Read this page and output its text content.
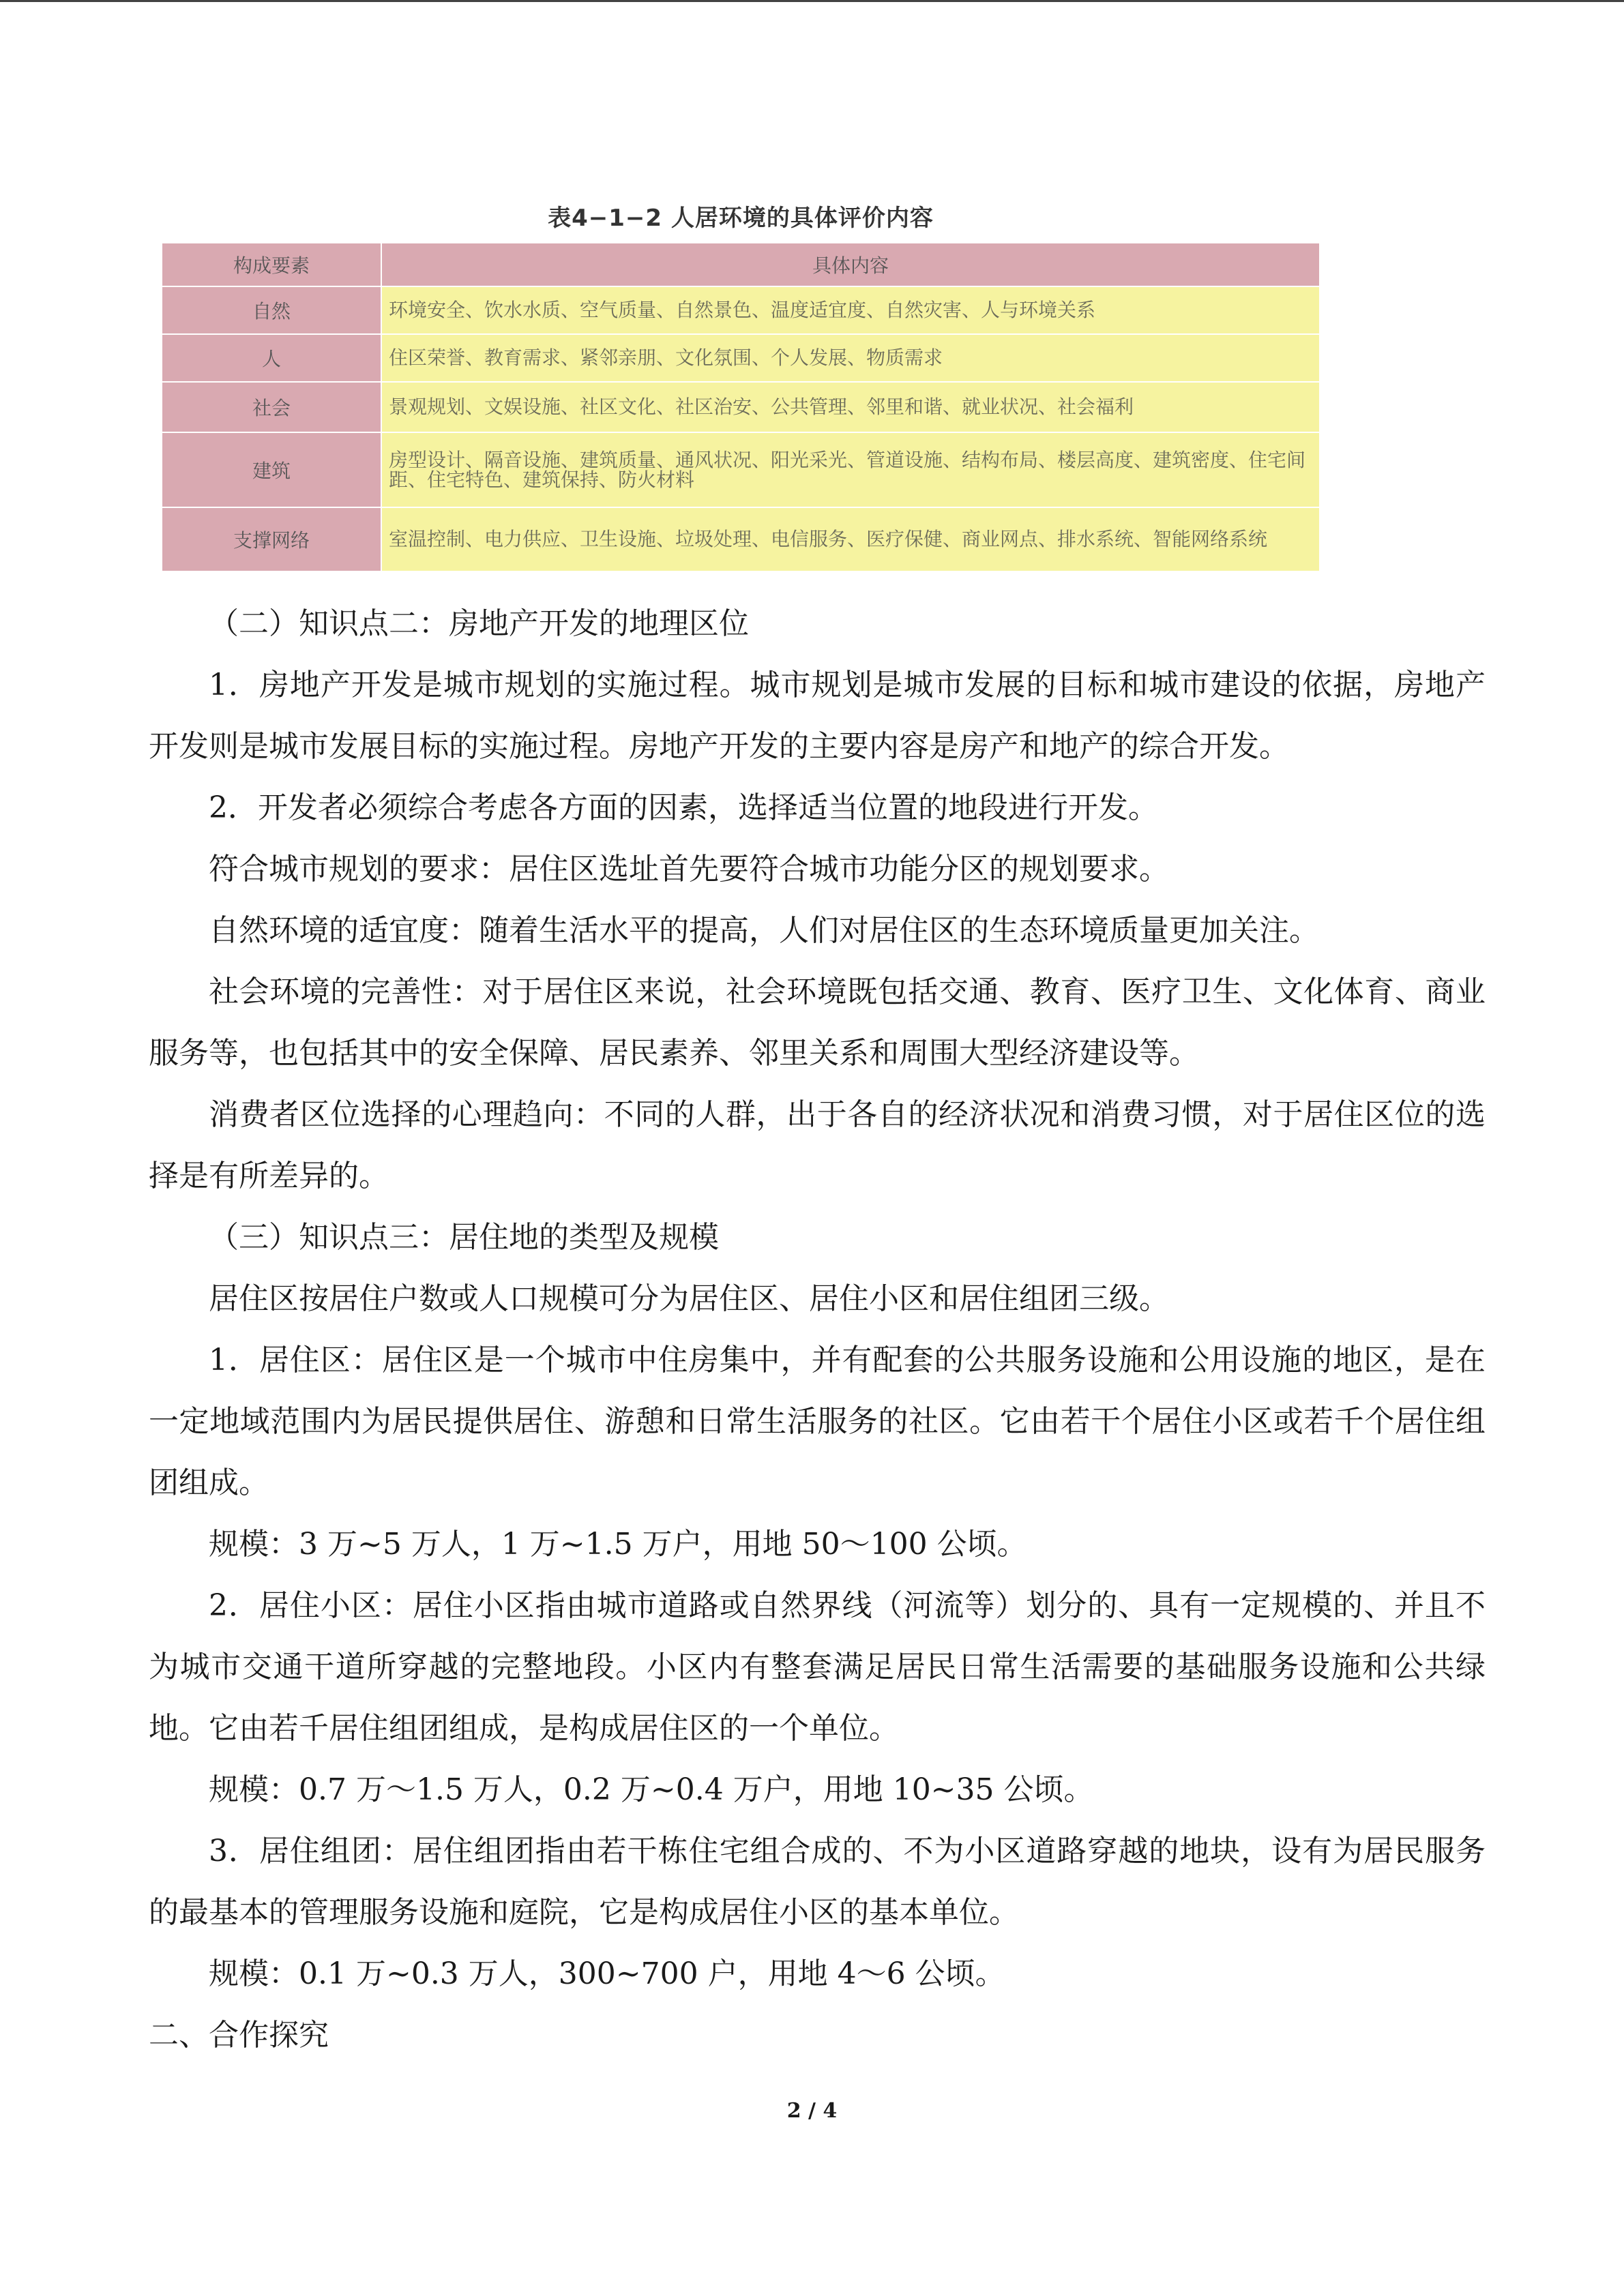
表4−1−2 人居环境的具体评价内容
构成要素	具体内容
自然	环境安全、饮水水质、空气质量、自然景色、温度适宜度、自然灾害、人与环境关系
人	住区荣誉、教育需求、紧邻亲朋、文化氛围、个人发展、物质需求
社会	景观规划、文娱设施、社区文化、社区治安、公共管理、邻里和谐、就业状况、社会福利
建筑	房型设计、隔音设施、建筑质量、通风状况、阳光采光、管道设施、结构布局、楼层高度、建筑密度、住宅间距、住宅特色、建筑保持、防火材料
支撑网络	室温控制、电力供应、卫生设施、垃圾处理、电信服务、医疗保健、商业网点、排水系统、智能网络系统

（二）知识点二：房地产开发的地理区位

1．房地产开发是城市规划的实施过程。城市规划是城市发展的目标和城市建设的依据，房地产开发则是城市发展目标的实施过程。房地产开发的主要内容是房产和地产的综合开发。

2．开发者必须综合考虑各方面的因素，选择适当位置的地段进行开发。

符合城市规划的要求：居住区选址首先要符合城市功能分区的规划要求。

自然环境的适宜度：随着生活水平的提高，人们对居住区的生态环境质量更加关注。

社会环境的完善性：对于居住区来说，社会环境既包括交通、教育、医疗卫生、文化体育、商业服务等，也包括其中的安全保障、居民素养、邻里关系和周围大型经济建设等。

消费者区位选择的心理趋向：不同的人群，出于各自的经济状况和消费习惯，对于居住区位的选择是有所差异的。

（三）知识点三：居住地的类型及规模

居住区按居住户数或人口规模可分为居住区、居住小区和居住组团三级。

1．居住区：居住区是一个城市中住房集中，并有配套的公共服务设施和公用设施的地区，是在一定地域范围内为居民提供居住、游憩和日常生活服务的社区。它由若干个居住小区或若千个居住组团组成。

规模：3 万~5 万人，1 万~1.5 万户，用地 50〜100 公顷。

2．居住小区：居住小区指由城市道路或自然界线（河流等）划分的、具有一定规模的、并且不为城市交通干道所穿越的完整地段。小区内有整套满足居民日常生活需要的基础服务设施和公共绿地。它由若千居住组团组成，是构成居住区的一个单位。

规模：0.7 万〜1.5 万人，0.2 万~0.4 万户，用地 10~35 公顷。

3．居住组团：居住组团指由若干栋住宅组合成的、不为小区道路穿越的地块，设有为居民服务的最基本的管理服务设施和庭院，它是构成居住小区的基本单位。

规模：0.1 万~0.3 万人，300~700 户，用地 4〜6 公顷。

二、合作探究

2 / 4
